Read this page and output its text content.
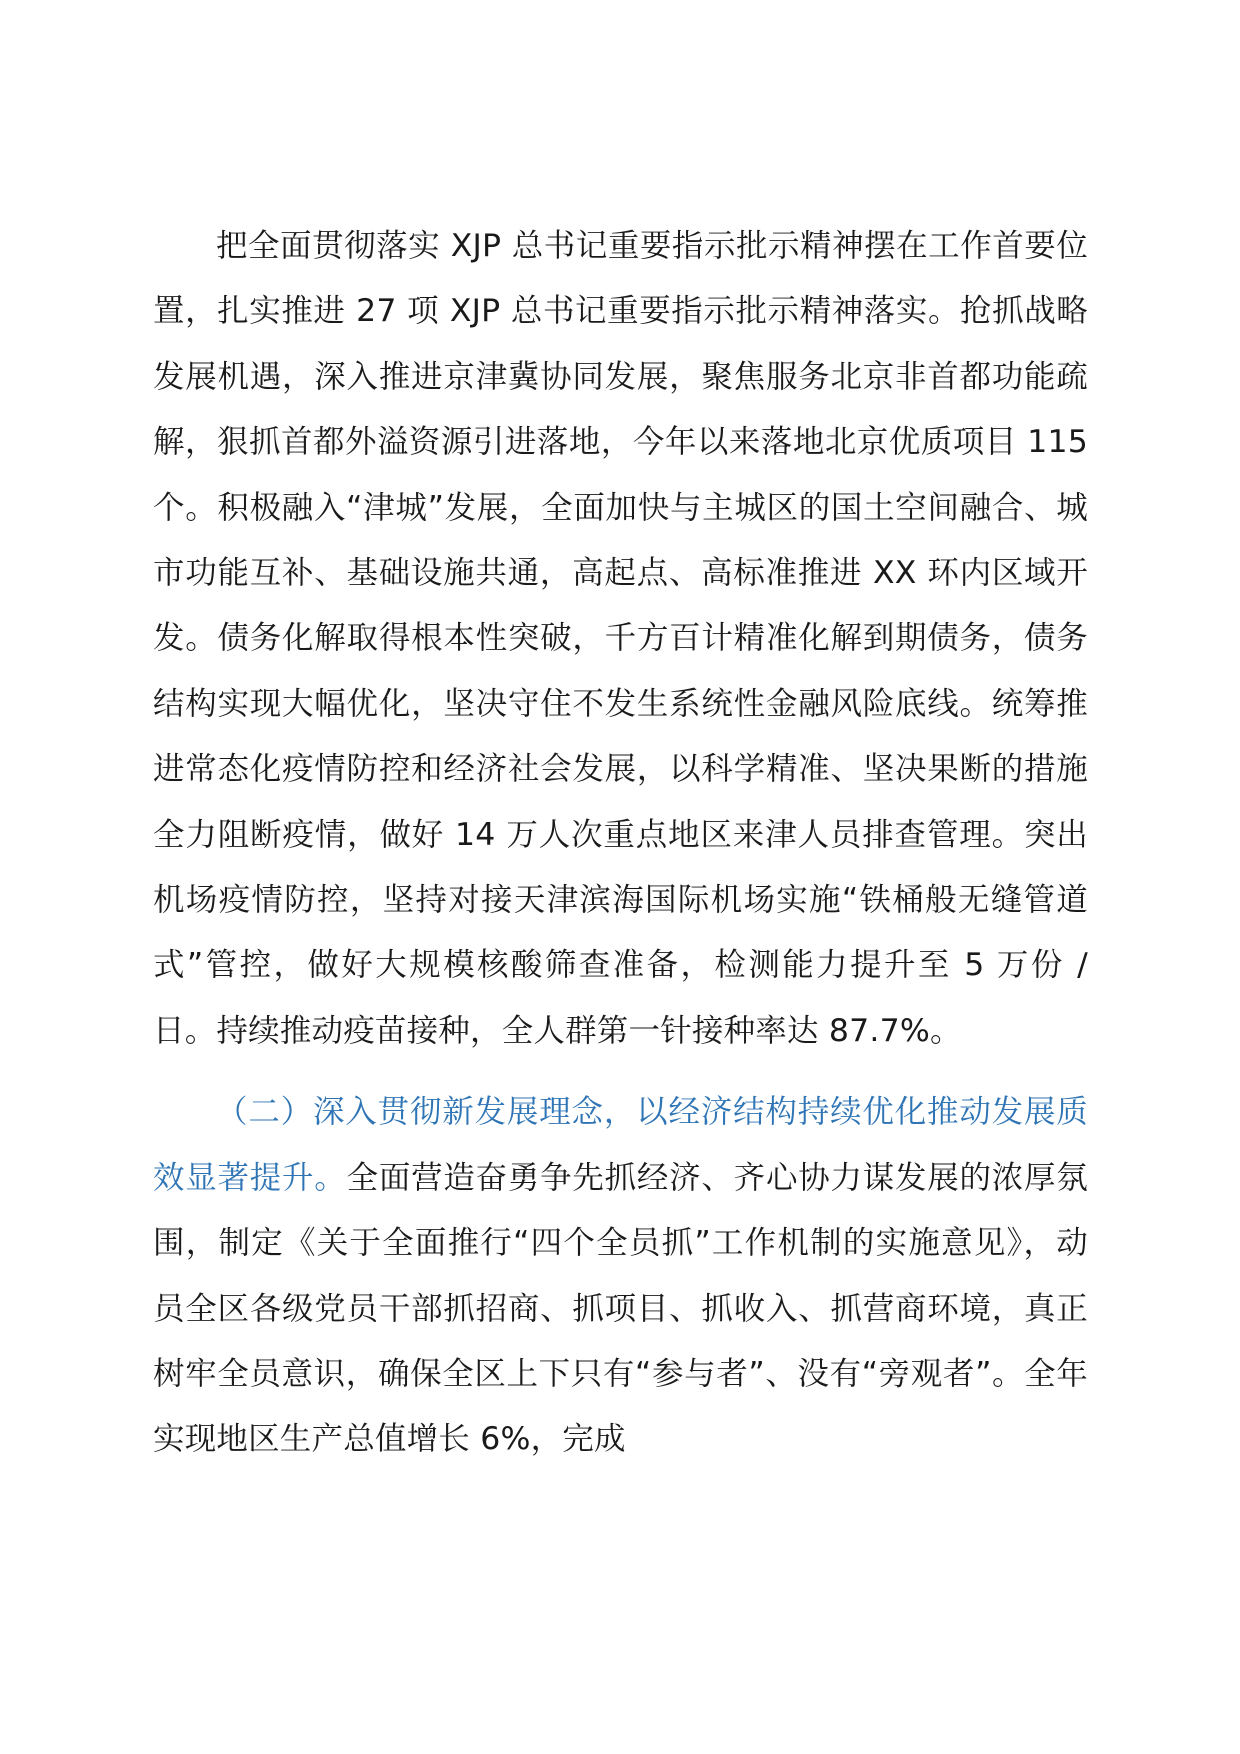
把全面贯彻落实 XJP 总书记重要指示批示精神摆在工作首要位置，扎实推进 27 项 XJP 总书记重要指示批示精神落实。抢抓战略发展机遇，深入推进京津冀协同发展，聚焦服务北京非首都功能疏解，狠抓首都外溢资源引进落地，今年以来落地北京优质项目 115 个。积极融入“津城”发展，全面加快与主城区的国土空间融合、城市功能互补、基础设施共通，高起点、高标准推进 XX 环内区域开发。债务化解取得根本性突破，千方百计精准化解到期债务，债务结构实现大幅优化，坚决守住不发生系统性金融风险底线。统筹推进常态化疫情防控和经济社会发展，以科学精准、坚决果断的措施全力阻断疫情，做好 14 万人次重点地区来津人员排查管理。突出机场疫情防控，坚持对接天津滨海国际机场实施“铁桶般无缝管道式”管控，做好大规模核酸筛查准备，检测能力提升至 5 万份 / 日。持续推动疫苗接种，全人群第一针接种率达 87.7%。

（二）深入贯彻新发展理念，以经济结构持续优化推动发展质效显著提升。全面营造奋勇争先抓经济、齐心协力谋发展的浓厚氛围，制定《关于全面推行“四个全员抓”工作机制的实施意见》，动员全区各级党员干部抓招商、抓项目、抓收入、抓营商环境，真正树牢全员意识，确保全区上下只有“参与者”、没有“旁观者”。全年实现地区生产总值增长 6%，完成
